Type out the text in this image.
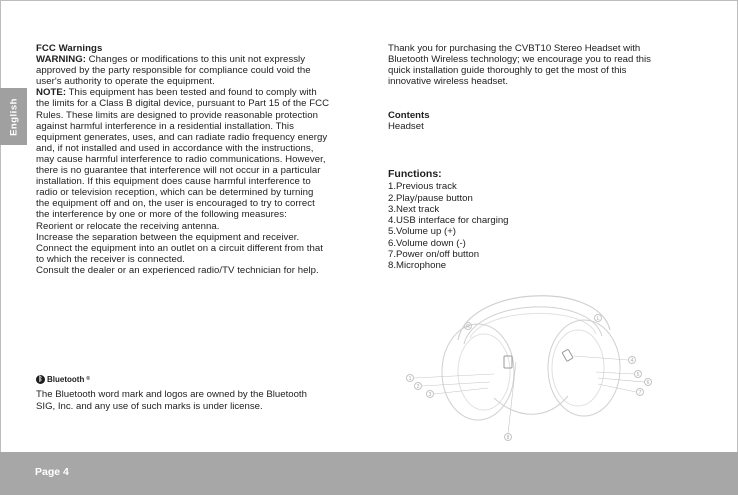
English

FCC Warnings

WARNING: Changes or modifications to this unit not expressly

approved by the party responsible for compliance could void the

user's authority to operate the equipment.

NOTE: This equipment has been tested and found to comply with

the limits for a Class B digital device, pursuant to Part 15 of the FCC

Rules. These limits are designed to provide reasonable protection

against harmful interference in a residential installation. This

equipment generates, uses, and can radiate radio frequency energy

and, if not installed and used in accordance with the instructions,

may cause harmful interference to radio communications. However,

there is no guarantee that interference will not occur in a particular

installation. If this equipment does cause harmful interference to

radio or television reception, which can be determined by turning

the equipment off and on, the user is encouraged to try to correct

the interference by one or more of the following measures:

Reorient or relocate the receiving antenna.

Increase the separation between the equipment and receiver.

Connect the equipment into an outlet on a circuit different from that

to which the receiver is connected.

Consult the dealer or an experienced radio/TV technician for help.

ᛒ Bluetooth ®
The Bluetooth word mark and logos are owned by the Bluetooth
SIG, Inc. and any use of such marks is under license.

Thank you for purchasing the CVBT10 Stereo Headset with

Bluetooth Wireless technology; we encourage you to read this

quick installation guide thoroughly to get the most of this

innovative wireless headset.

Contents
Headset
Functions:
1.Previous track
2.Play/pause button
3.Next track
4.USB interface for charging
5.Volume up (+)
6.Volume down (-)
7.Power on/off button
8.Microphone
R
L
1
2
3
4
5
6
7
8
Page 4
